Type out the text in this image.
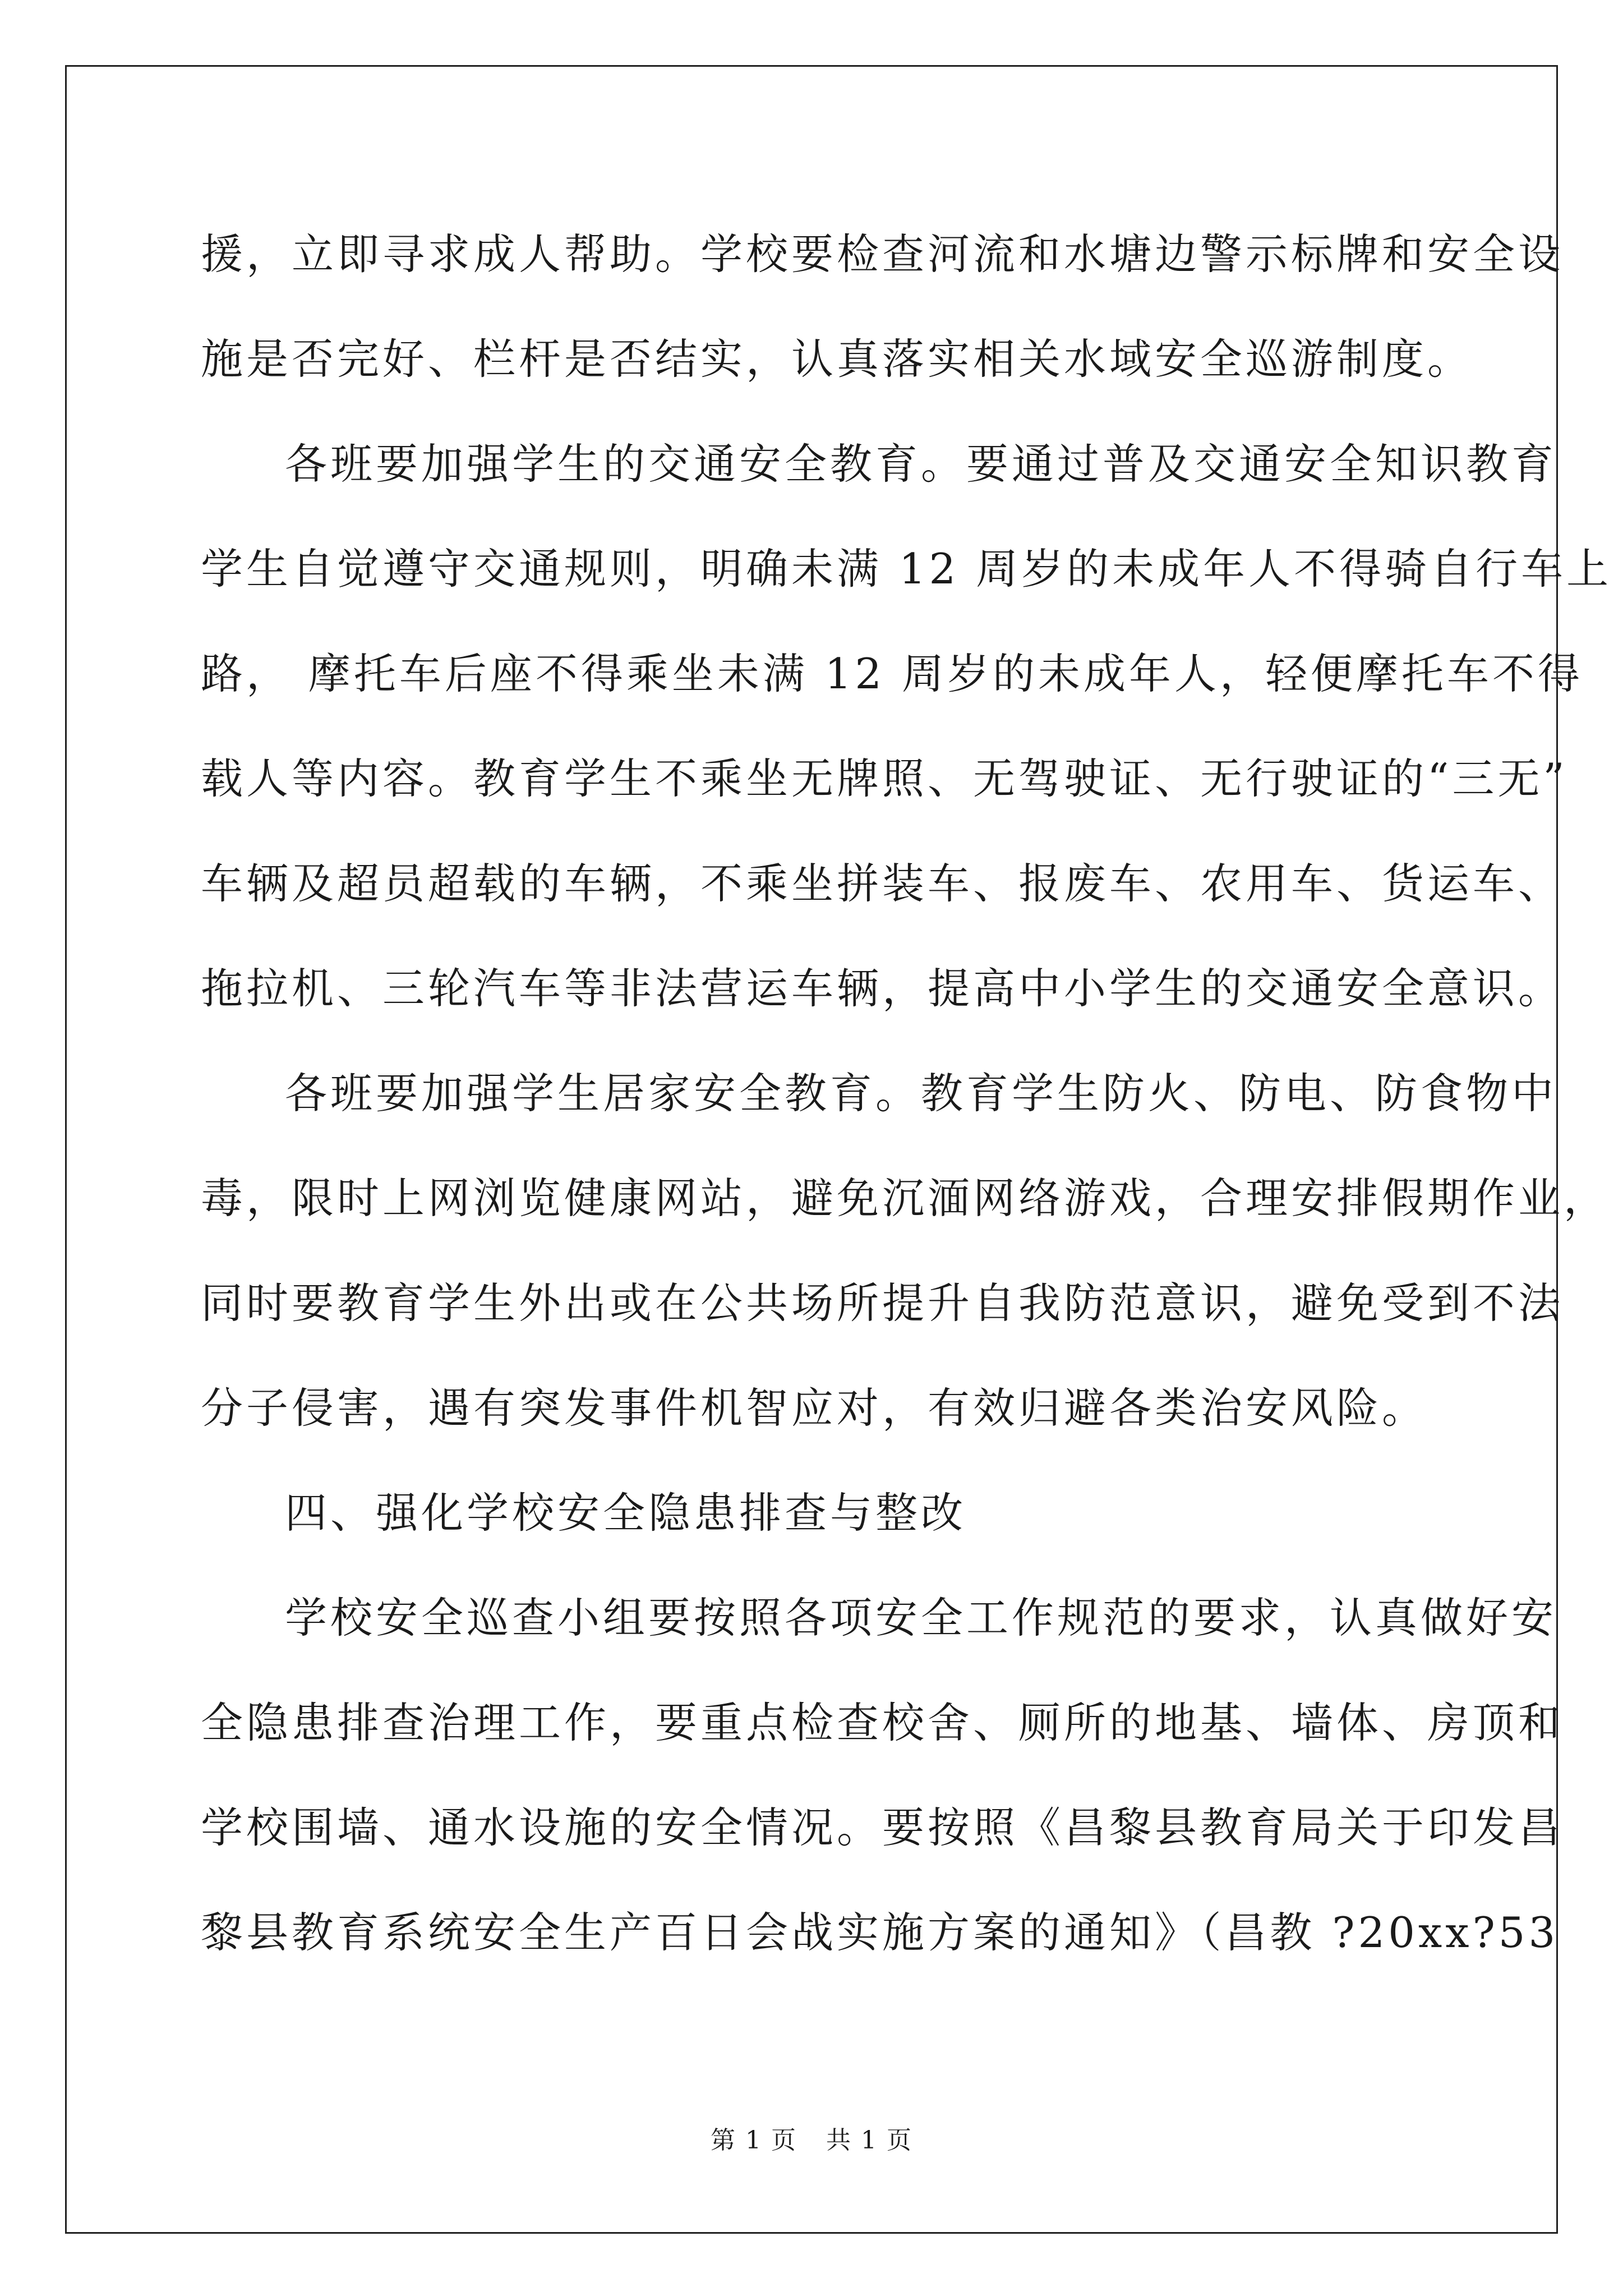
援，立即寻求成人帮助。学校要检查河流和水塘边警示标牌和安全设
施是否完好、栏杆是否结实，认真落实相关水域安全巡游制度。
各班要加强学生的交通安全教育。要通过普及交通安全知识教育
学生自觉遵守交通规则，明确未满 12 周岁的未成年人不得骑自行车上
路， 摩托车后座不得乘坐未满 12 周岁的未成年人，轻便摩托车不得
载人等内容。教育学生不乘坐无牌照、无驾驶证、无行驶证的“三无”
车辆及超员超载的车辆，不乘坐拼装车、报废车、农用车、货运车、
拖拉机、三轮汽车等非法营运车辆，提高中小学生的交通安全意识。
各班要加强学生居家安全教育。教育学生防火、防电、防食物中
毒，限时上网浏览健康网站，避免沉湎网络游戏，合理安排假期作业，
同时要教育学生外出或在公共场所提升自我防范意识，避免受到不法
分子侵害，遇有突发事件机智应对，有效归避各类治安风险。
四、强化学校安全隐患排查与整改
学校安全巡查小组要按照各项安全工作规范的要求，认真做好安
全隐患排查治理工作，要重点检查校舍、厕所的地基、墙体、房顶和
学校围墙、通水设施的安全情况。要按照《昌黎县教育局关于印发昌
黎县教育系统安全生产百日会战实施方案的通知》（昌教 ?20xx?53
第 1 页 共 1 页
